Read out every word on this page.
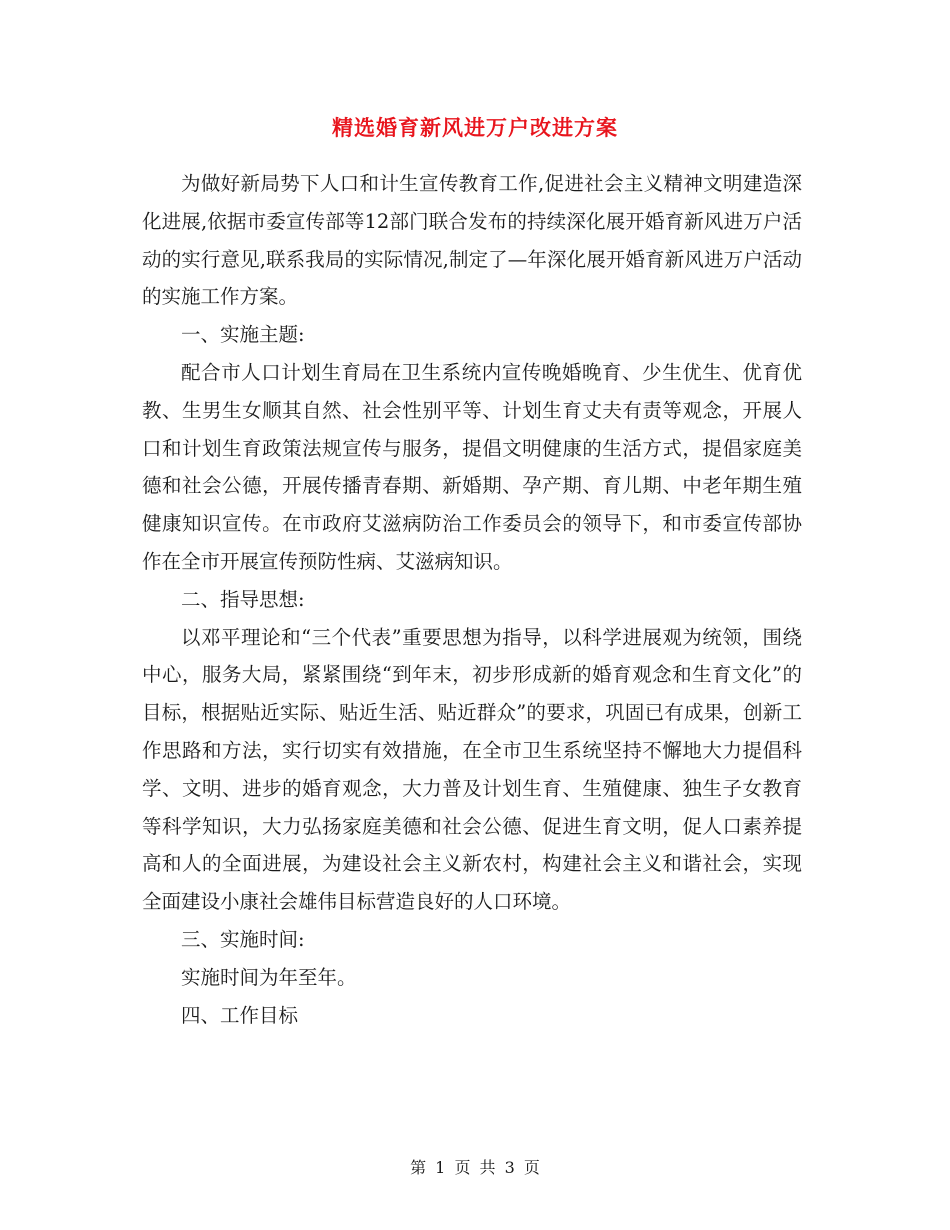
精选婚育新风进万户改进方案

为做好新局势下人口和计生宣传教育工作,促进社会主义精神文明建造深化进展,依据市委宣传部等12部门联合发布的持续深化展开婚育新风进万户活动的实行意见,联系我局的实际情况,制定了—年深化展开婚育新风进万户活动的实施工作方案。

一、实施主题:

配合市人口计划生育局在卫生系统内宣传晚婚晚育、少生优生、优育优教、生男生女顺其自然、社会性别平等、计划生育丈夫有责等观念，开展人口和计划生育政策法规宣传与服务，提倡文明健康的生活方式，提倡家庭美德和社会公德，开展传播青春期、新婚期、孕产期、育儿期、中老年期生殖健康知识宣传。在市政府艾滋病防治工作委员会的领导下，和市委宣传部协作在全市开展宣传预防性病、艾滋病知识。

二、指导思想:

以邓平理论和“三个代表”重要思想为指导，以科学进展观为统领，围绕中心，服务大局，紧紧围绕“到年末，初步形成新的婚育观念和生育文化”的目标，根据贴近实际、贴近生活、贴近群众”的要求，巩固已有成果，创新工作思路和方法，实行切实有效措施，在全市卫生系统坚持不懈地大力提倡科学、文明、进步的婚育观念，大力普及计划生育、生殖健康、独生子女教育等科学知识，大力弘扬家庭美德和社会公德、促进生育文明，促人口素养提高和人的全面进展，为建设社会主义新农村，构建社会主义和谐社会，实现全面建设小康社会雄伟目标营造良好的人口环境。

三、实施时间:

实施时间为年至年。

四、工作目标

第 1 页 共 3 页
